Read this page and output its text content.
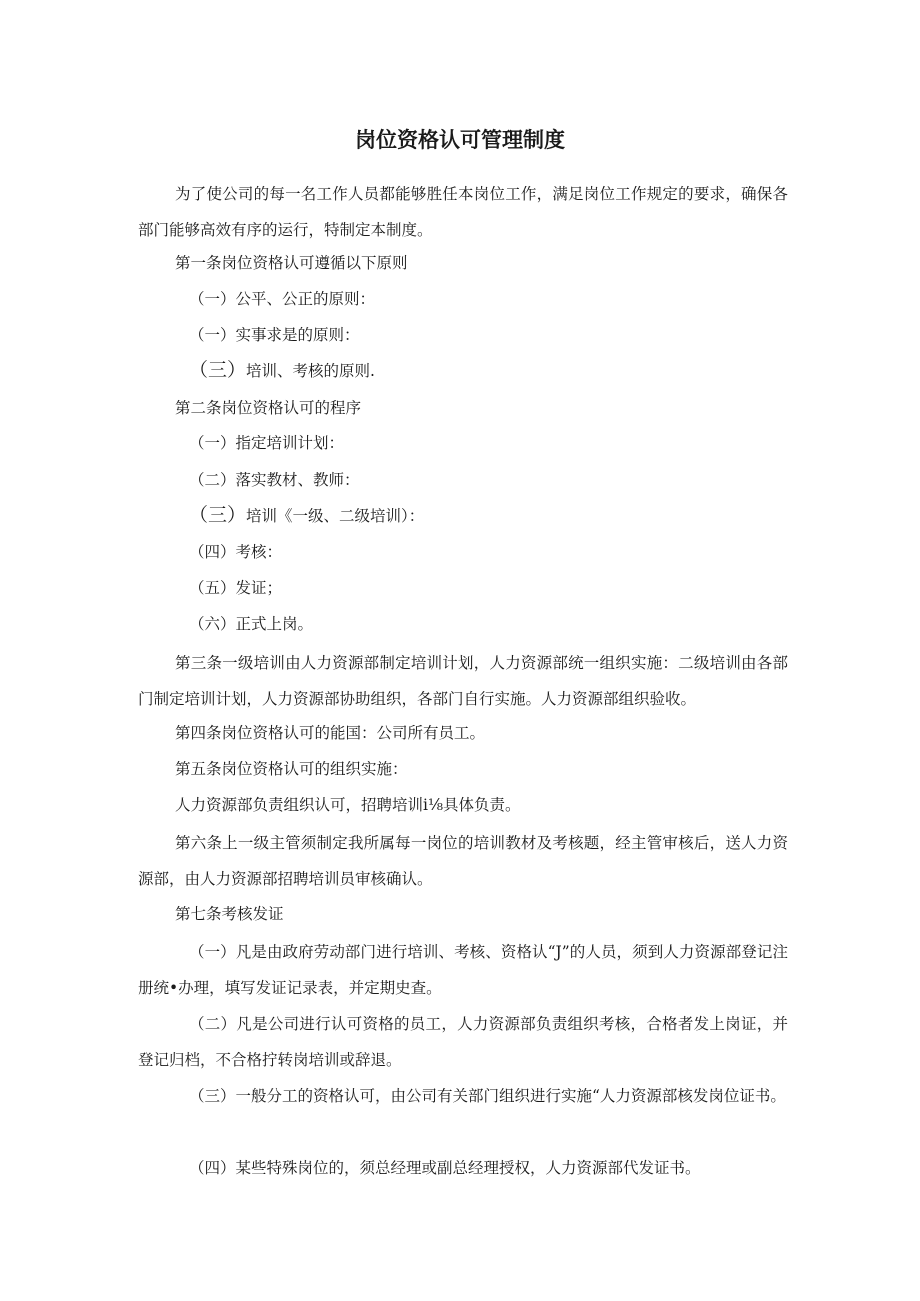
岗位资格认可管理制度
为了使公司的每一名工作人员都能够胜任本岗位工作，满足岗位工作规定的要求，确保各部门能够高效有序的运行，特制定本制度。
第一条岗位资格认可遵循以下原则
（一）公平、公正的原则：
（一）实事求是的原则：
（三）培训、考核的原则.
第二条岗位资格认可的程序
（一）指定培训计划：
（二）落实教材、教师：
（三）培训《一级、二级培训）：
（四）考核：
（五）发证；
（六）正式上岗。
第三条一级培训由人力资源部制定培训计划，人力资源部统一组织实施：二级培训由各部门制定培训计划，人力资源部协助组织，各部门自行实施。人力资源部组织验收。
第四条岗位资格认可的能国：公司所有员工。
第五条岗位资格认可的组织实施：
人力资源部负责组织认可，招聘培训i⅛具体负责。
第六条上一级主管须制定我所属每一岗位的培训教材及考核题，经主管审核后，送人力资源部，由人力资源部招聘培训员审核确认。
第七条考核发证
（一）凡是由政府劳动部门进行培训、考核、资格认“J”的人员，须到人力资源部登记注册统•办理，填写发证记录表，并定期史查。
（二）凡是公司进行认可资格的员工，人力资源部负责组织考核，合格者发上岗证，并登记归档，不合格拧转岗培训或辞退。
（三）一般分工的资格认可，由公司有关部门组织进行实施“人力资源部核发岗位证书。
（四）某些特殊岗位的，须总经理或副总经理授权，人力资源部代发证书。
